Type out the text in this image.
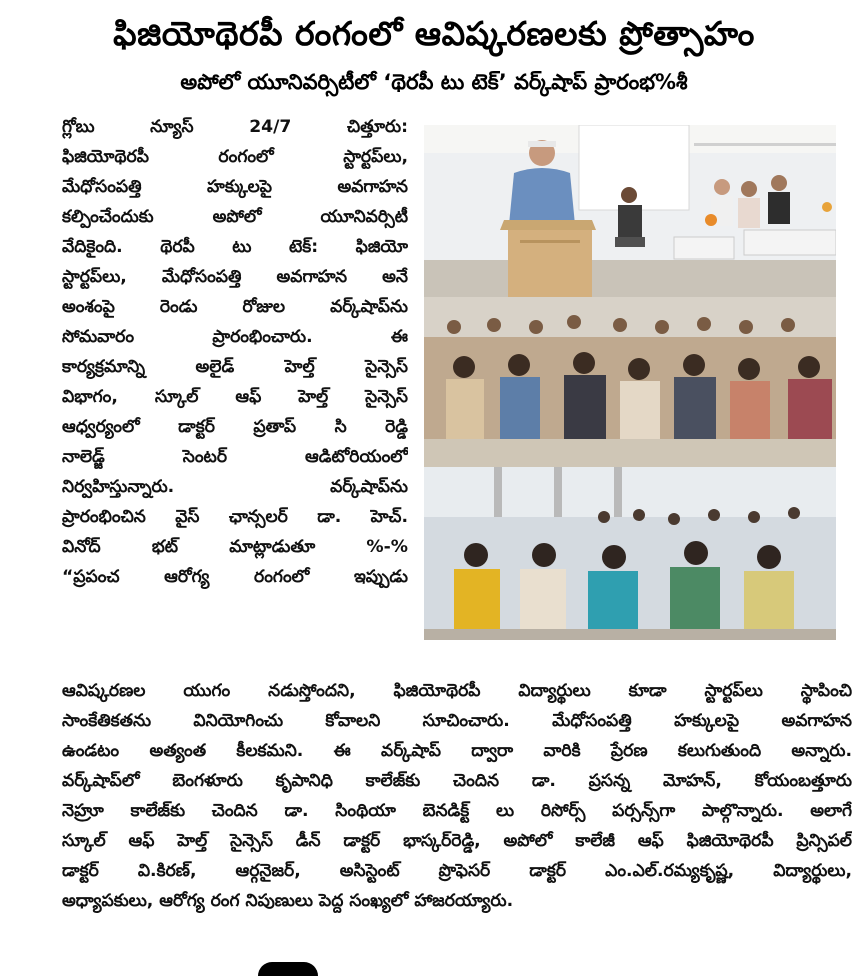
ఫిజియోథెరపీ రంగంలో ఆవిష్కరణలకు ప్రోత్సాహం
అపోలో యూనివర్సిటీలో ‘థెరపీ టు టెక్’ వర్క్‌షాప్ ప్రారంభ%శీ
గ్లోబు న్యూస్ 24/7 చిత్తూరు:
ఫిజియోథెరపీ రంగంలో స్టార్టప్‌లు,
మేధోసంపత్తి హక్కులపై అవగాహన
కల్పించేందుకు అపోలో యూనివర్సిటీ
వేదికైంది. థెరపీ టు టెక్: ఫిజియో
స్టార్టప్‌లు, మేధోసంపత్తి అవగాహన అనే
అంశంపై రెండు రోజుల వర్క్‌షాప్‌ను
సోమవారం ప్రారంభించారు. ఈ
కార్యక్రమాన్ని అలైడ్ హెల్త్ సైన్సెస్
విభాగం, స్కూల్ ఆఫ్ హెల్త్ సైన్సెస్
ఆధ్వర్యంలో డాక్టర్ ప్రతాప్ సి రెడ్డి
నాలెడ్జ్ సెంటర్ ఆడిటోరియంలో
నిర్వహిస్తున్నారు. వర్క్‌షాప్‌ను
ప్రారంభించిన వైస్ ఛాన్సలర్ డా. హెచ్.
వినోద్ భట్ మాట్లాడుతూ %-%
“ప్రపంచ ఆరోగ్య రంగంలో ఇప్పుడు
ఆవిష్కరణల యుగం నడుస్తోందని, ఫిజియోథెరపీ విద్యార్థులు కూడా స్టార్టప్‌లు స్థాపించి
సాంకేతికతను వినియోగించు కోవాలని సూచించారు. మేధోసంపత్తి హక్కులపై అవగాహన
ఉండటం అత్యంత కీలకమని. ఈ వర్క్‌షాప్ ద్వారా వారికి ప్రేరణ కలుగుతుంది అన్నారు.
వర్క్‌షాప్‌లో బెంగళూరు కృపానిధి కాలేజ్‌కు చెందిన డా. ప్రసన్న మోహన్, కోయంబత్తూరు
నెహ్రూ కాలేజ్‌కు చెందిన డా. సింథియా బెనడిక్ట్ లు రిసోర్స్ పర్సన్స్‌గా పాల్గొన్నారు. అలాగే
స్కూల్ ఆఫ్ హెల్త్ సైన్సెస్ డీన్ డాక్టర్ భాస్కర్‌రెడ్డి, అపోలో కాలేజీ ఆఫ్ ఫిజియోథెరపీ ప్రిన్సిపల్
డాక్టర్ వి.కిరణ్, ఆర్గనైజర్, అసిస్టెంట్ ప్రొఫెసర్ డాక్టర్ ఎం.ఎల్.రమ్యకృష్ణ, విద్యార్థులు,
అధ్యాపకులు, ఆరోగ్య రంగ నిపుణులు పెద్ద సంఖ్యలో హాజరయ్యారు.
